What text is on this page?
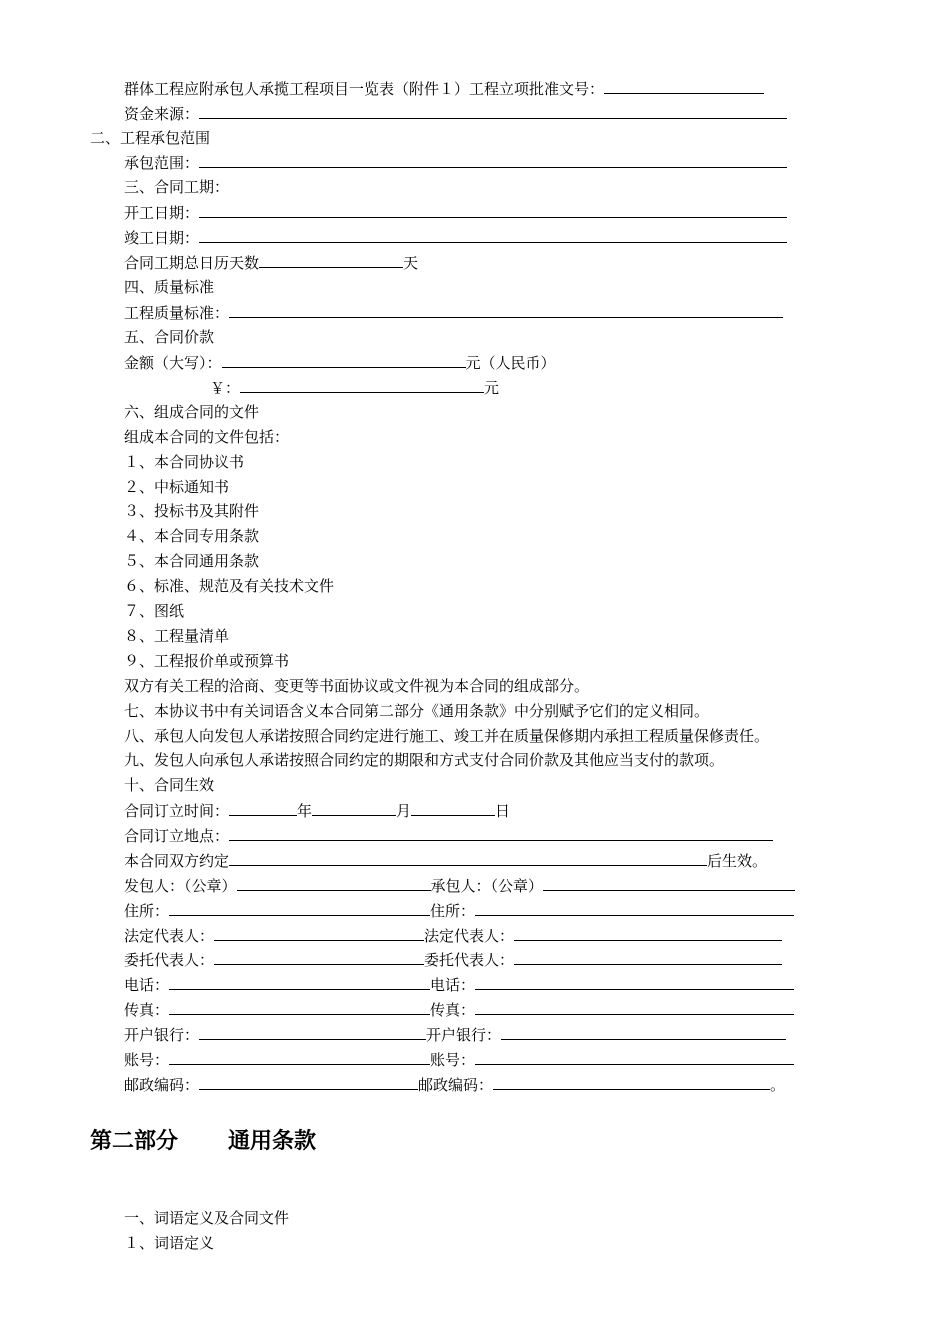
群体工程应附承包人承揽工程项目一览表（附件１）工程立项批准文号：
资金来源：
二、工程承包范围
承包范围：
三、合同工期：
开工日期：
竣工日期：
合同工期总日历天数	天
四、质量标准
工程质量标准：
五、合同价款
金额（大写）：	元（人民币）
￥：	元
六、组成合同的文件
组成本合同的文件包括：
１、本合同协议书
２、中标通知书
３、投标书及其附件
４、本合同专用条款
５、本合同通用条款
６、标准、规范及有关技术文件
７、图纸
８、工程量清单
９、工程报价单或预算书
双方有关工程的洽商、变更等书面协议或文件视为本合同的组成部分。
七、本协议书中有关词语含义本合同第二部分《通用条款》中分别赋予它们的定义相同。
八、承包人向发包人承诺按照合同约定进行施工、竣工并在质量保修期内承担工程质量保修责任。
九、发包人向承包人承诺按照合同约定的期限和方式支付合同价款及其他应当支付的款项。
十、合同生效
合同订立时间：	年	月	日
合同订立地点：
本合同双方约定	后生效。
发包人：（公章）	承包人：（公章）
住所：	住所：
法定代表人：	法定代表人：
委托代表人：	委托代表人：
电话：	电话：
传真：	传真：
开户银行：	开户银行：
账号：	账号：
邮政编码：	邮政编码：	。
第二部分 通用条款
一、词语定义及合同文件
１、词语定义
